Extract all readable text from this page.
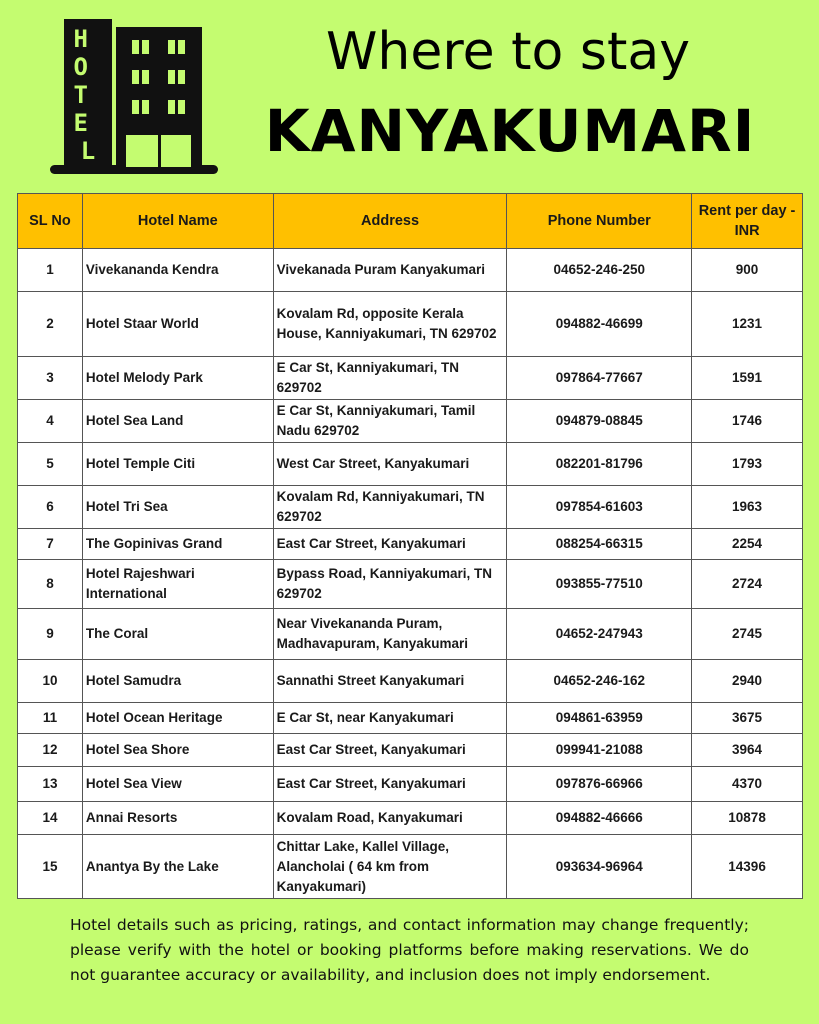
H O T E L
Where to stay
KANYAKUMARI
SL No	Hotel Name	Address	Phone Number	Rent per day - INR
1	Vivekananda Kendra	Vivekanada Puram Kanyakumari	04652-246-250	900
2	Hotel Staar World	Kovalam Rd, opposite Kerala House, Kanniyakumari, TN 629702	094882-46699	1231
3	Hotel Melody Park	E Car St, Kanniyakumari, TN 629702	097864-77667	1591
4	Hotel Sea Land	E Car St, Kanniyakumari, Tamil Nadu 629702	094879-08845	1746
5	Hotel Temple Citi	West Car Street, Kanyakumari	082201-81796	1793
6	Hotel Tri Sea	Kovalam Rd, Kanniyakumari, TN 629702	097854-61603	1963
7	The Gopinivas Grand	East Car Street, Kanyakumari	088254-66315	2254
8	Hotel Rajeshwari International	Bypass Road, Kanniyakumari, TN 629702	093855-77510	2724
9	The Coral	Near Vivekananda Puram, Madhavapuram, Kanyakumari	04652-247943	2745
10	Hotel Samudra	Sannathi Street Kanyakumari	04652-246-162	2940
11	Hotel Ocean Heritage	E Car St, near Kanyakumari	094861-63959	3675
12	Hotel Sea Shore	East Car Street, Kanyakumari	099941-21088	3964
13	Hotel Sea View	East Car Street, Kanyakumari	097876-66966	4370
14	Annai Resorts	Kovalam Road, Kanyakumari	094882-46666	10878
15	Anantya By the Lake	Chittar Lake, Kallel Village, Alancholai ( 64 km from Kanyakumari)	093634-96964	14396

Hotel details such as pricing, ratings, and contact information may change frequently; please verify with the hotel or booking platforms before making reservations. We do not guarantee accuracy or availability, and inclusion does not imply endorsement.
